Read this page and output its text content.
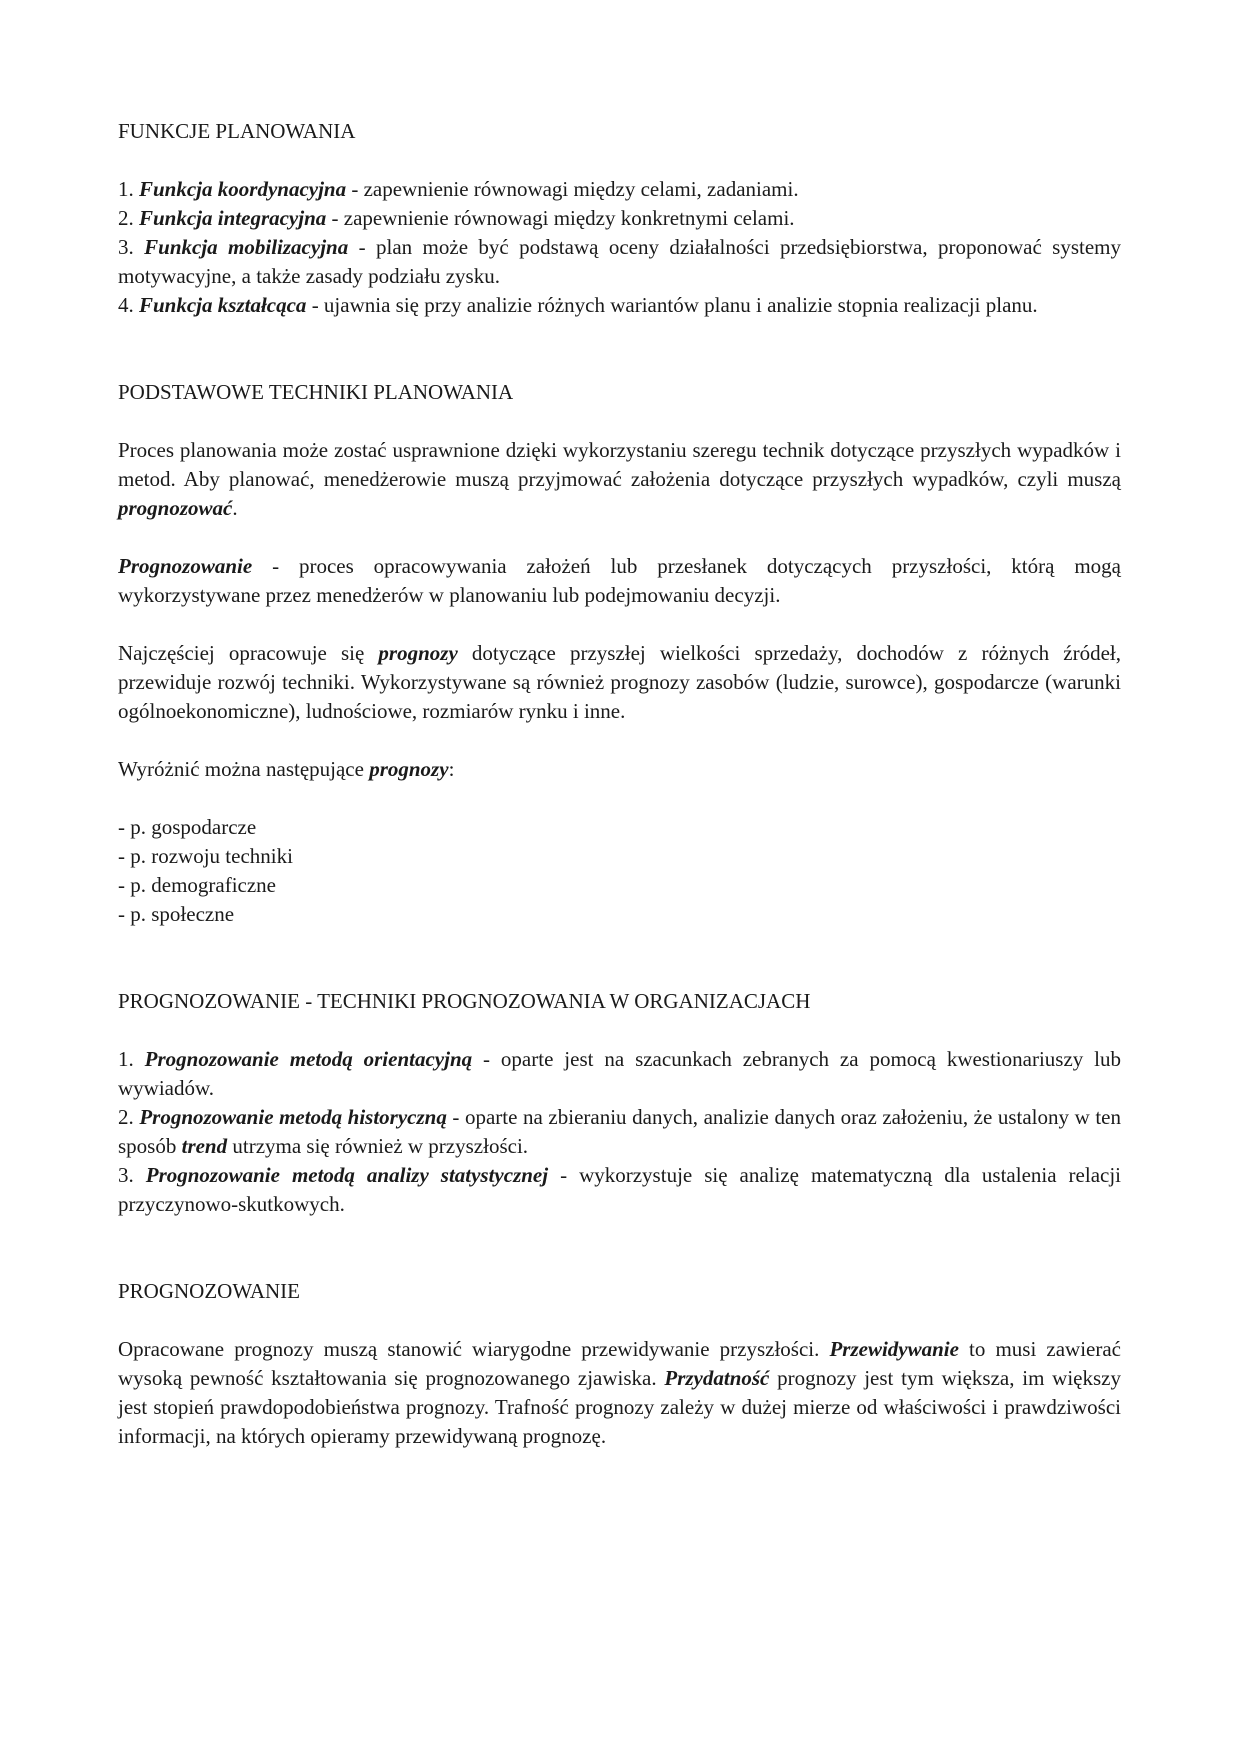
FUNKCJE PLANOWANIA

1. Funkcja koordynacyjna - zapewnienie równowagi między celami, zadaniami.

2. Funkcja integracyjna - zapewnienie równowagi między konkretnymi celami.

3. Funkcja mobilizacyjna - plan może być podstawą oceny działalności przedsiębiorstwa, proponować systemy motywacyjne, a także zasady podziału zysku.

4. Funkcja kształcąca - ujawnia się przy analizie różnych wariantów planu i analizie stopnia realizacji planu.

PODSTAWOWE TECHNIKI PLANOWANIA

Proces planowania może zostać usprawnione dzięki wykorzystaniu szeregu technik dotyczące przyszłych wypadków i metod. Aby planować, menedżerowie muszą przyjmować założenia dotyczące przyszłych wypadków, czyli muszą prognozować.

Prognozowanie - proces opracowywania założeń lub przesłanek dotyczących przyszłości, którą mogą wykorzystywane przez menedżerów w planowaniu lub podejmowaniu decyzji.

Najczęściej opracowuje się prognozy dotyczące przyszłej wielkości sprzedaży, dochodów z różnych źródeł, przewiduje rozwój techniki. Wykorzystywane są również prognozy zasobów (ludzie, surowce), gospodarcze (warunki ogólnoekonomiczne), ludnościowe, rozmiarów rynku i inne.

Wyróżnić można następujące prognozy:

- p. gospodarcze
- p. rozwoju techniki
- p. demograficzne
- p. społeczne

PROGNOZOWANIE - TECHNIKI PROGNOZOWANIA W ORGANIZACJACH

1. Prognozowanie metodą orientacyjną - oparte jest na szacunkach zebranych za pomocą kwestionariuszy lub wywiadów.

2. Prognozowanie metodą historyczną - oparte na zbieraniu danych, analizie danych oraz założeniu, że ustalony w ten sposób trend utrzyma się również w przyszłości.

3. Prognozowanie metodą analizy statystycznej - wykorzystuje się analizę matematyczną dla ustalenia relacji przyczynowo-skutkowych.

PROGNOZOWANIE

Opracowane prognozy muszą stanowić wiarygodne przewidywanie przyszłości. Przewidywanie to musi zawierać wysoką pewność kształtowania się prognozowanego zjawiska. Przydatność prognozy jest tym większa, im większy jest stopień prawdopodobieństwa prognozy. Trafność prognozy zależy w dużej mierze od właściwości i prawdziwości informacji, na których opieramy przewidywaną prognozę.
